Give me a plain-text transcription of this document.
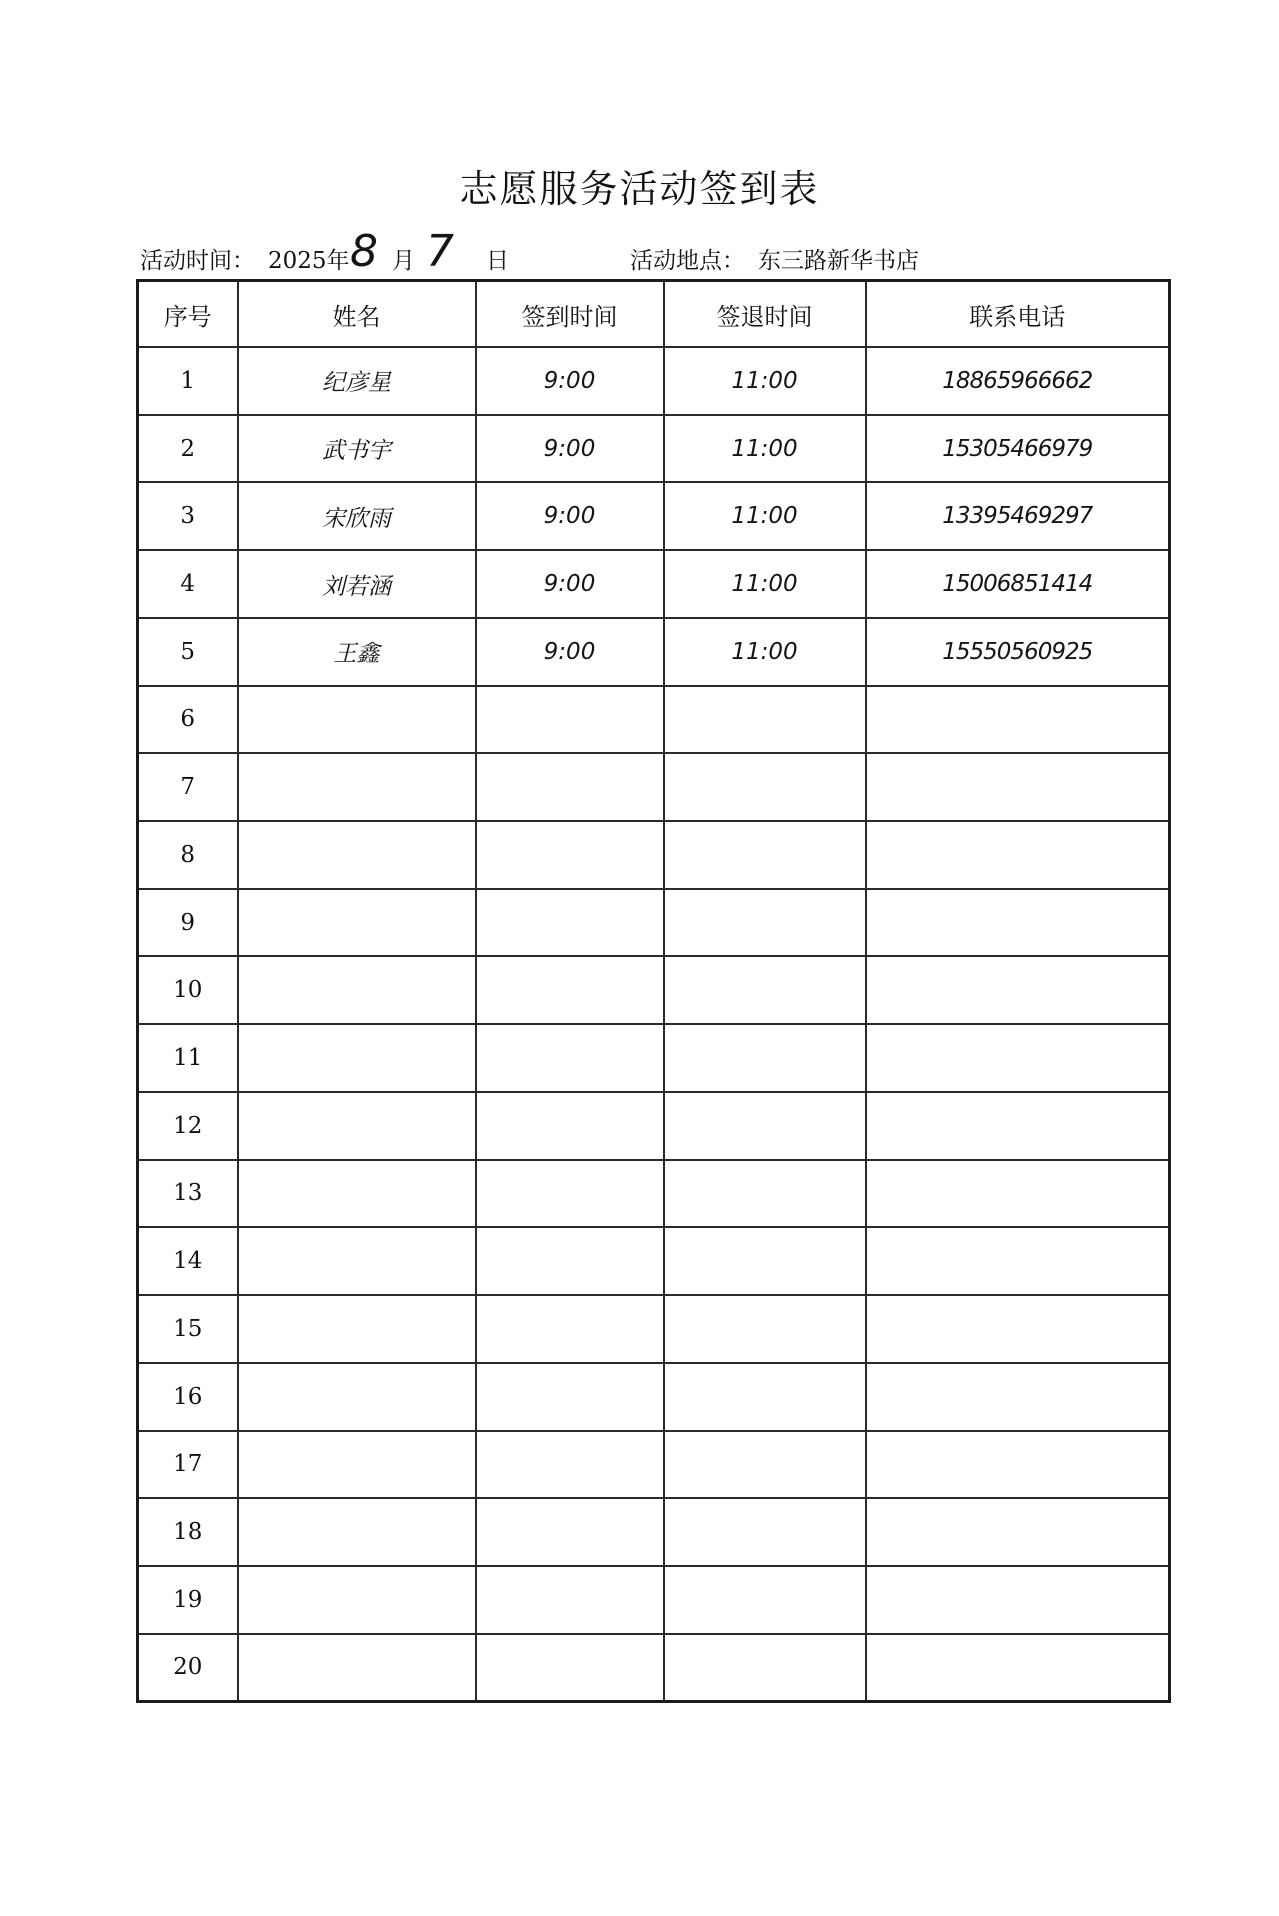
志愿服务活动签到表
活动时间： 2025年 8 月 7 日	活动地点： 东三路新华书店
序号	姓名	签到时间	签退时间	联系电话
1	纪彦星	9:00	11:00	18865966662
2	武书宇	9:00	11:00	15305466979
3	宋欣雨	9:00	11:00	13395469297
4	刘若涵	9:00	11:00	15006851414
5	王鑫	9:00	11:00	15550560925
6				
7				
8				
9				
10				
11				
12				
13				
14				
15				
16				
17				
18				
19				
20				
